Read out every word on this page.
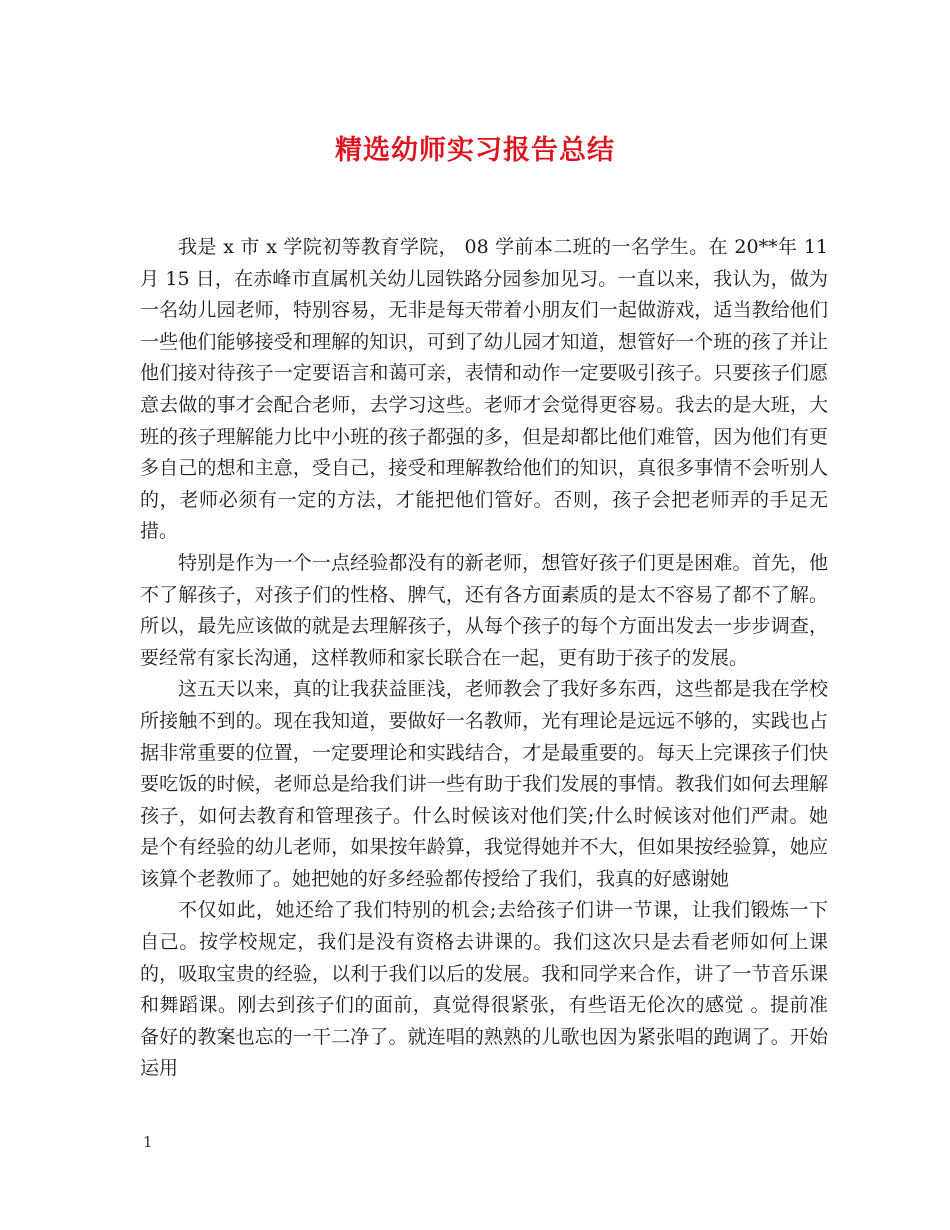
精选幼师实习报告总结

我是 x 市 x 学院初等教育学院， 08 学前本二班的一名学生。在 20**年 11 月 15 日，在赤峰市直属机关幼儿园铁路分园参加见习。一直以来，我认为，做为一名幼儿园老师，特别容易，无非是每天带着小朋友们一起做游戏，适当教给他们一些他们能够接受和理解的知识，可到了幼儿园才知道，想管好一个班的孩了并让他们接对待孩子一定要语言和蔼可亲，表情和动作一定要吸引孩子。只要孩子们愿意去做的事才会配合老师，去学习这些。老师才会觉得更容易。我去的是大班，大班的孩子理解能力比中小班的孩子都强的多，但是却都比他们难管，因为他们有更多自己的想和主意，受自己，接受和理解教给他们的知识，真很多事情不会听别人的，老师必须有一定的方法，才能把他们管好。否则，孩子会把老师弄的手足无措。

特别是作为一个一点经验都没有的新老师，想管好孩子们更是困难。首先，他不了解孩子，对孩子们的性格、脾气，还有各方面素质的是太不容易了都不了解。所以，最先应该做的就是去理解孩子，从每个孩子的每个方面出发去一步步调查，要经常有家长沟通，这样教师和家长联合在一起，更有助于孩子的发展。

这五天以来，真的让我获益匪浅，老师教会了我好多东西，这些都是我在学校所接触不到的。现在我知道，要做好一名教师，光有理论是远远不够的，实践也占据非常重要的位置，一定要理论和实践结合，才是最重要的。每天上完课孩子们快要吃饭的时候，老师总是给我们讲一些有助于我们发展的事情。教我们如何去理解孩子，如何去教育和管理孩子。什么时候该对他们笑;什么时候该对他们严肃。她是个有经验的幼儿老师，如果按年龄算，我觉得她并不大，但如果按经验算，她应该算个老教师了。她把她的好多经验都传授给了我们，我真的好感谢她

不仅如此，她还给了我们特别的机会;去给孩子们讲一节课，让我们锻炼一下自己。按学校规定，我们是没有资格去讲课的。我们这次只是去看老师如何上课的，吸取宝贵的经验，以利于我们以后的发展。我和同学来合作，讲了一节音乐课和舞蹈课。刚去到孩子们的面前，真觉得很紧张，有些语无伦次的感觉 。提前准备好的教案也忘的一干二净了。就连唱的熟熟的儿歌也因为紧张唱的跑调了。开始运用

1
